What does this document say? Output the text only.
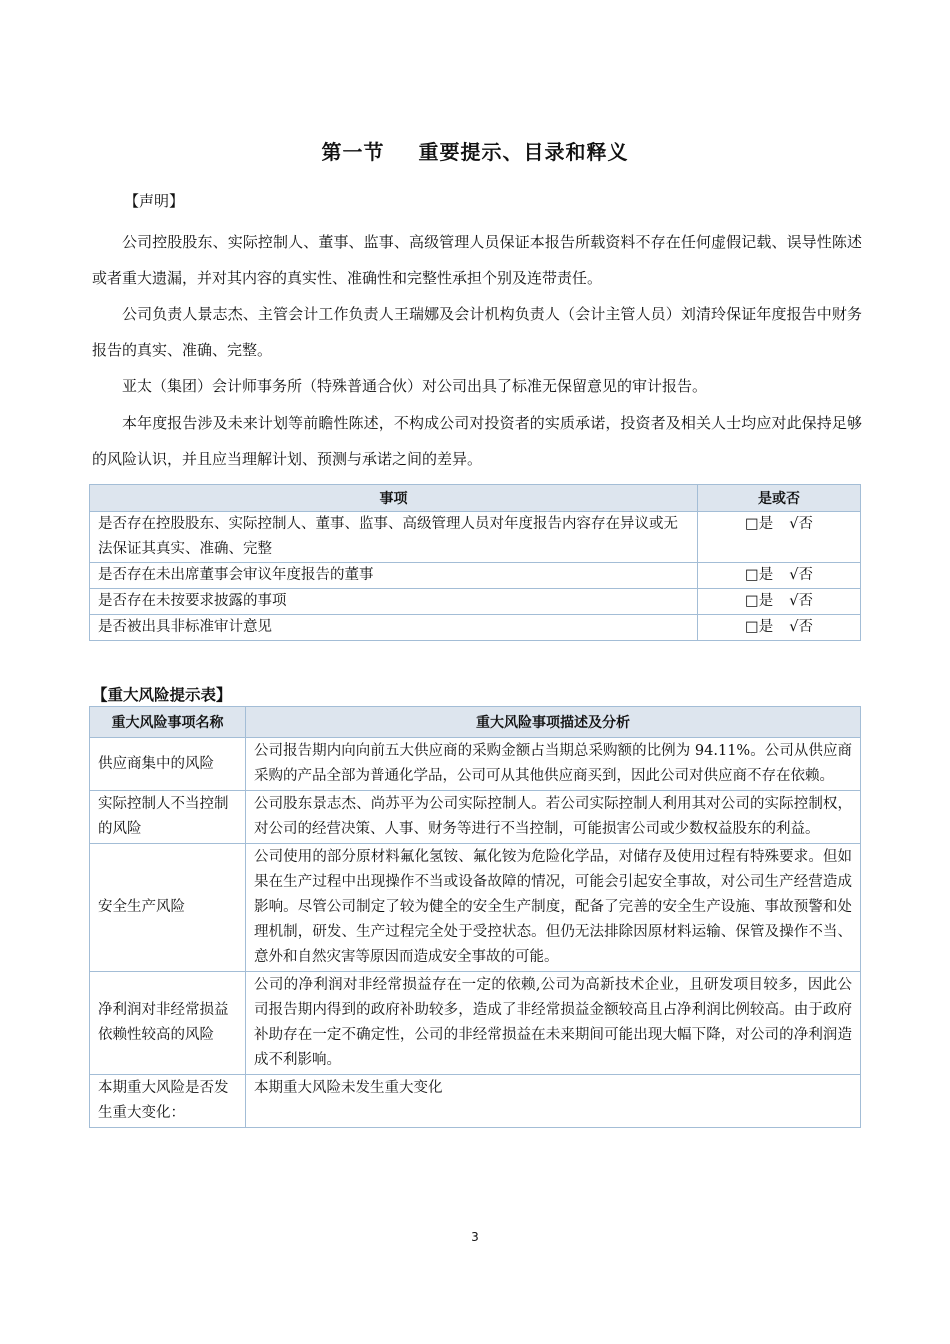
第一节 重要提示、目录和释义
【声明】

公司控股股东、实际控制人、董事、监事、高级管理人员保证本报告所载资料不存在任何虚假记载、误导性陈述或者重大遗漏，并对其内容的真实性、准确性和完整性承担个别及连带责任。

公司负责人景志杰、主管会计工作负责人王瑞娜及会计机构负责人（会计主管人员）刘清玲保证年度报告中财务报告的真实、准确、完整。

亚太（集团）会计师事务所（特殊普通合伙）对公司出具了标准无保留意见的审计报告。

本年度报告涉及未来计划等前瞻性陈述，不构成公司对投资者的实质承诺，投资者及相关人士均应对此保持足够的风险认识，并且应当理解计划、预测与承诺之间的差异。

事项	是或否
是否存在控股股东、实际控制人、董事、监事、高级管理人员对年度报告内容存在异议或无法保证其真实、准确、完整	□是 √否
是否存在未出席董事会审议年度报告的董事	□是 √否
是否存在未按要求披露的事项	□是 √否
是否被出具非标准审计意见	□是 √否
【重大风险提示表】
重大风险事项名称	重大风险事项描述及分析
供应商集中的风险	公司报告期内向向前五大供应商的采购金额占当期总采购额的比例为 94.11%。公司从供应商采购的产品全部为普通化学品，公司可从其他供应商买到，因此公司对供应商不存在依赖。
实际控制人不当控制的风险	公司股东景志杰、尚苏平为公司实际控制人。若公司实际控制人利用其对公司的实际控制权，对公司的经营决策、人事、财务等进行不当控制，可能损害公司或少数权益股东的利益。
安全生产风险	公司使用的部分原材料氟化氢铵、氟化铵为危险化学品，对储存及使用过程有特殊要求。但如果在生产过程中出现操作不当或设备故障的情况，可能会引起安全事故，对公司生产经营造成影响。尽管公司制定了较为健全的安全生产制度，配备了完善的安全生产设施、事故预警和处理机制，研发、生产过程完全处于受控状态。但仍无法排除因原材料运输、保管及操作不当、意外和自然灾害等原因而造成安全事故的可能。
净利润对非经常损益依赖性较高的风险	公司的净利润对非经常损益存在一定的依赖,公司为高新技术企业，且研发项目较多，因此公司报告期内得到的政府补助较多，造成了非经常损益金额较高且占净利润比例较高。由于政府补助存在一定不确定性，公司的非经常损益在未来期间可能出现大幅下降，对公司的净利润造成不利影响。
本期重大风险是否发生重大变化：	本期重大风险未发生重大变化
3
